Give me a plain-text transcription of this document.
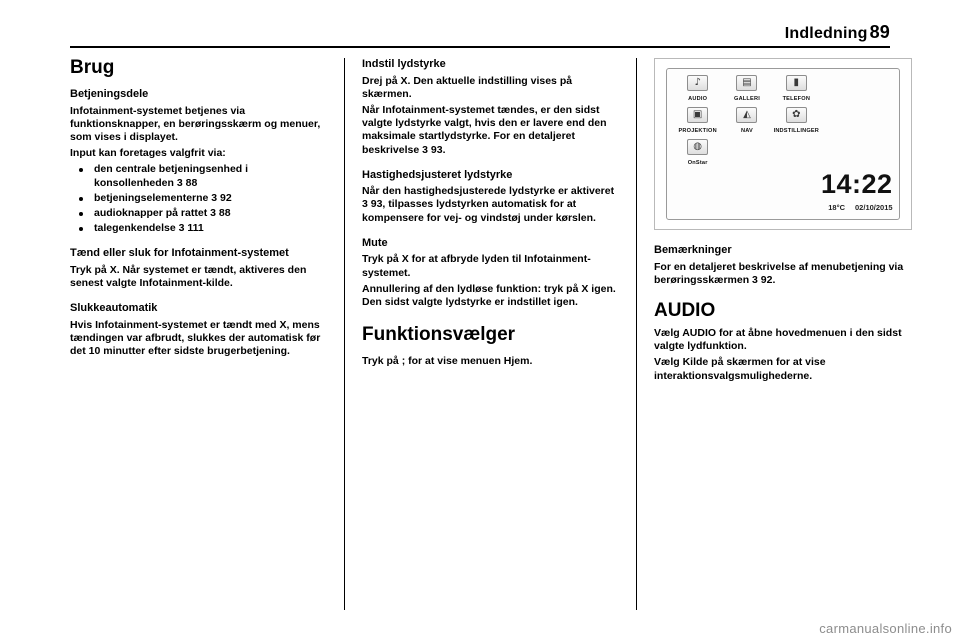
Indledning 89
Brug
Betjeningsdele

Infotainment-systemet betjenes via funktionsknapper, en berøringsskærm og menuer, som vises i displayet.

Input kan foretages valgfrit via:

den centrale betjeningsenhed i konsollenheden 3 88
betjeningselementerne 3 92
audioknapper på rattet 3 88
talegenkendelse 3 111
Tænd eller sluk for Infotainment-systemet

Tryk på X. Når systemet er tændt, aktiveres den senest valgte Infotainment-kilde.

Slukkeautomatik

Hvis Infotainment-systemet er tændt med X, mens tændingen var afbrudt, slukkes der automatisk før det 10 minutter efter sidste brugerbetjening.

Indstil lydstyrke

Drej på X. Den aktuelle indstilling vises på skærmen.

Når Infotainment-systemet tændes, er den sidst valgte lydstyrke valgt, hvis den er lavere end den maksimale startlydstyrke. For en detaljeret beskrivelse 3 93.

Hastighedsjusteret lydstyrke

Når den hastighedsjusterede lydstyrke er aktiveret 3 93, tilpasses lydstyrken automatisk for at kompensere for vej- og vindstøj under kørslen.

Mute

Tryk på X for at afbryde lyden til Infotainment-systemet.

Annullering af den lydløse funktion: tryk på X igen. Den sidst valgte lydstyrke er indstillet igen.

Funktionsvælger

Tryk på ; for at vise menuen Hjem.

♪
AUDIO
▤
GALLERI
▮
TELEFON
▣
PROJEKTION
◭
NAV
✿
INDSTILLINGER
◍
OnStar
14:22
18°C 02/10/2015
Bemærkninger

For en detaljeret beskrivelse af menubetjening via berøringsskærmen 3 92.

AUDIO

Vælg AUDIO for at åbne hovedmenuen i den sidst valgte lydfunktion.

Vælg Kilde på skærmen for at vise interaktionsvalgsmulighederne.

carmanualsonline.info
